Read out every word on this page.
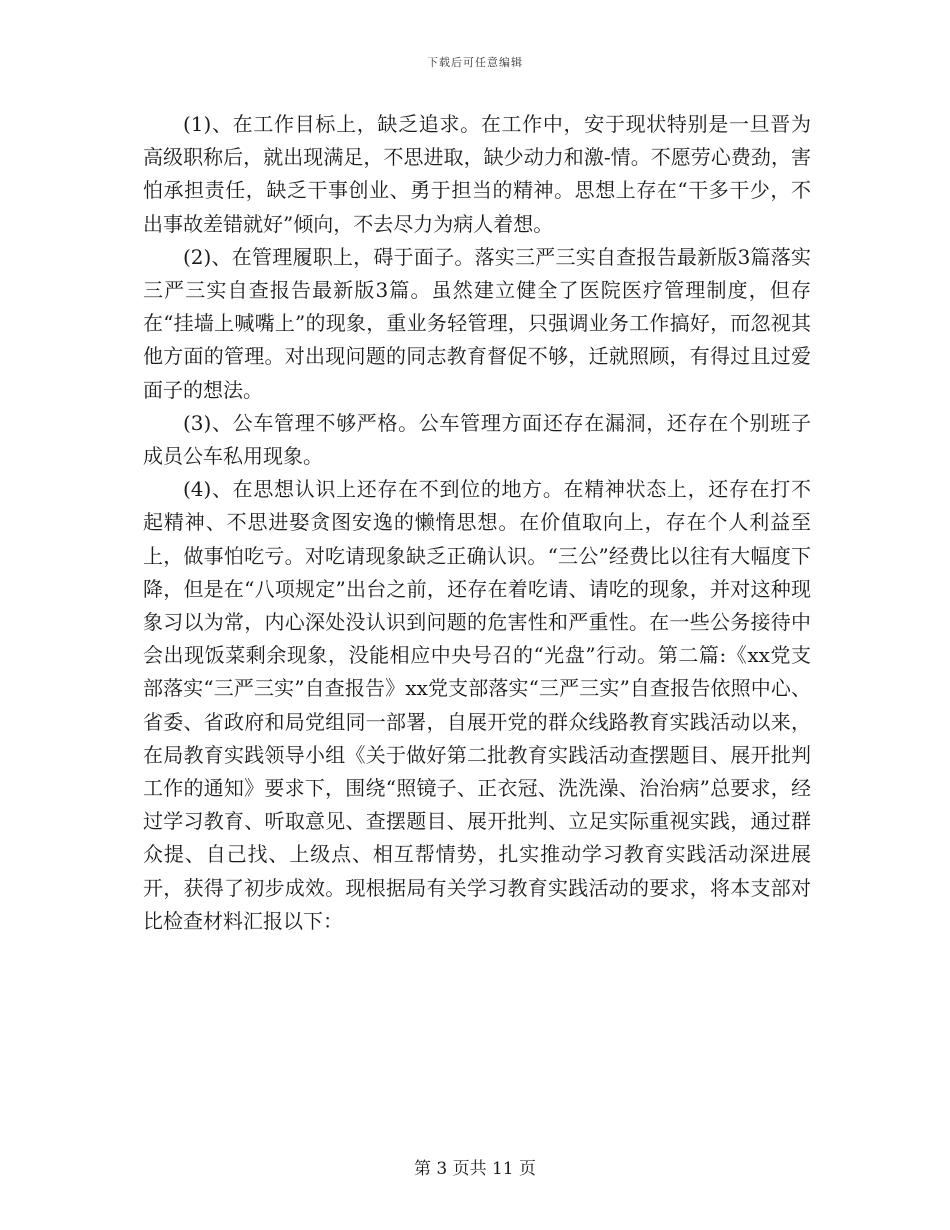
下载后可任意编辑

(1)、在工作目标上，缺乏追求。在工作中，安于现状特别是一旦晋为高级职称后，就出现满足，不思进取，缺少动力和激-情。不愿劳心费劲，害怕承担责任，缺乏干事创业、勇于担当的精神。思想上存在“干多干少，不出事故差错就好”倾向，不去尽力为病人着想。

(2)、在管理履职上，碍于面子。落实三严三实自查报告最新版3篇落实三严三实自查报告最新版3篇。虽然建立健全了医院医疗管理制度，但存在“挂墙上喊嘴上”的现象，重业务轻管理，只强调业务工作搞好，而忽视其他方面的管理。对出现问题的同志教育督促不够，迁就照顾，有得过且过爱面子的想法。

(3)、公车管理不够严格。公车管理方面还存在漏洞，还存在个别班子成员公车私用现象。

(4)、在思想认识上还存在不到位的地方。在精神状态上，还存在打不起精神、不思进娶贪图安逸的懒惰思想。在价值取向上，存在个人利益至上，做事怕吃亏。对吃请现象缺乏正确认识。“三公”经费比以往有大幅度下降，但是在“八项规定”出台之前，还存在着吃请、请吃的现象，并对这种现象习以为常，内心深处没认识到问题的危害性和严重性。在一些公务接待中会出现饭菜剩余现象，没能相应中央号召的“光盘”行动。第二篇:《xx党支部落实“三严三实”自查报告》xx党支部落实“三严三实”自查报告依照中心、省委、省政府和局党组同一部署，自展开党的群众线路教育实践活动以来，在局教育实践领导小组《关于做好第二批教育实践活动查摆题目、展开批判工作的通知》要求下，围绕“照镜子、正衣冠、洗洗澡、治治病”总要求，经过学习教育、听取意见、查摆题目、展开批判、立足实际重视实践，通过群众提、自己找、上级点、相互帮情势，扎实推动学习教育实践活动深进展开，获得了初步成效。现根据局有关学习教育实践活动的要求，将本支部对比检查材料汇报以下：

第 3 页共 11 页
